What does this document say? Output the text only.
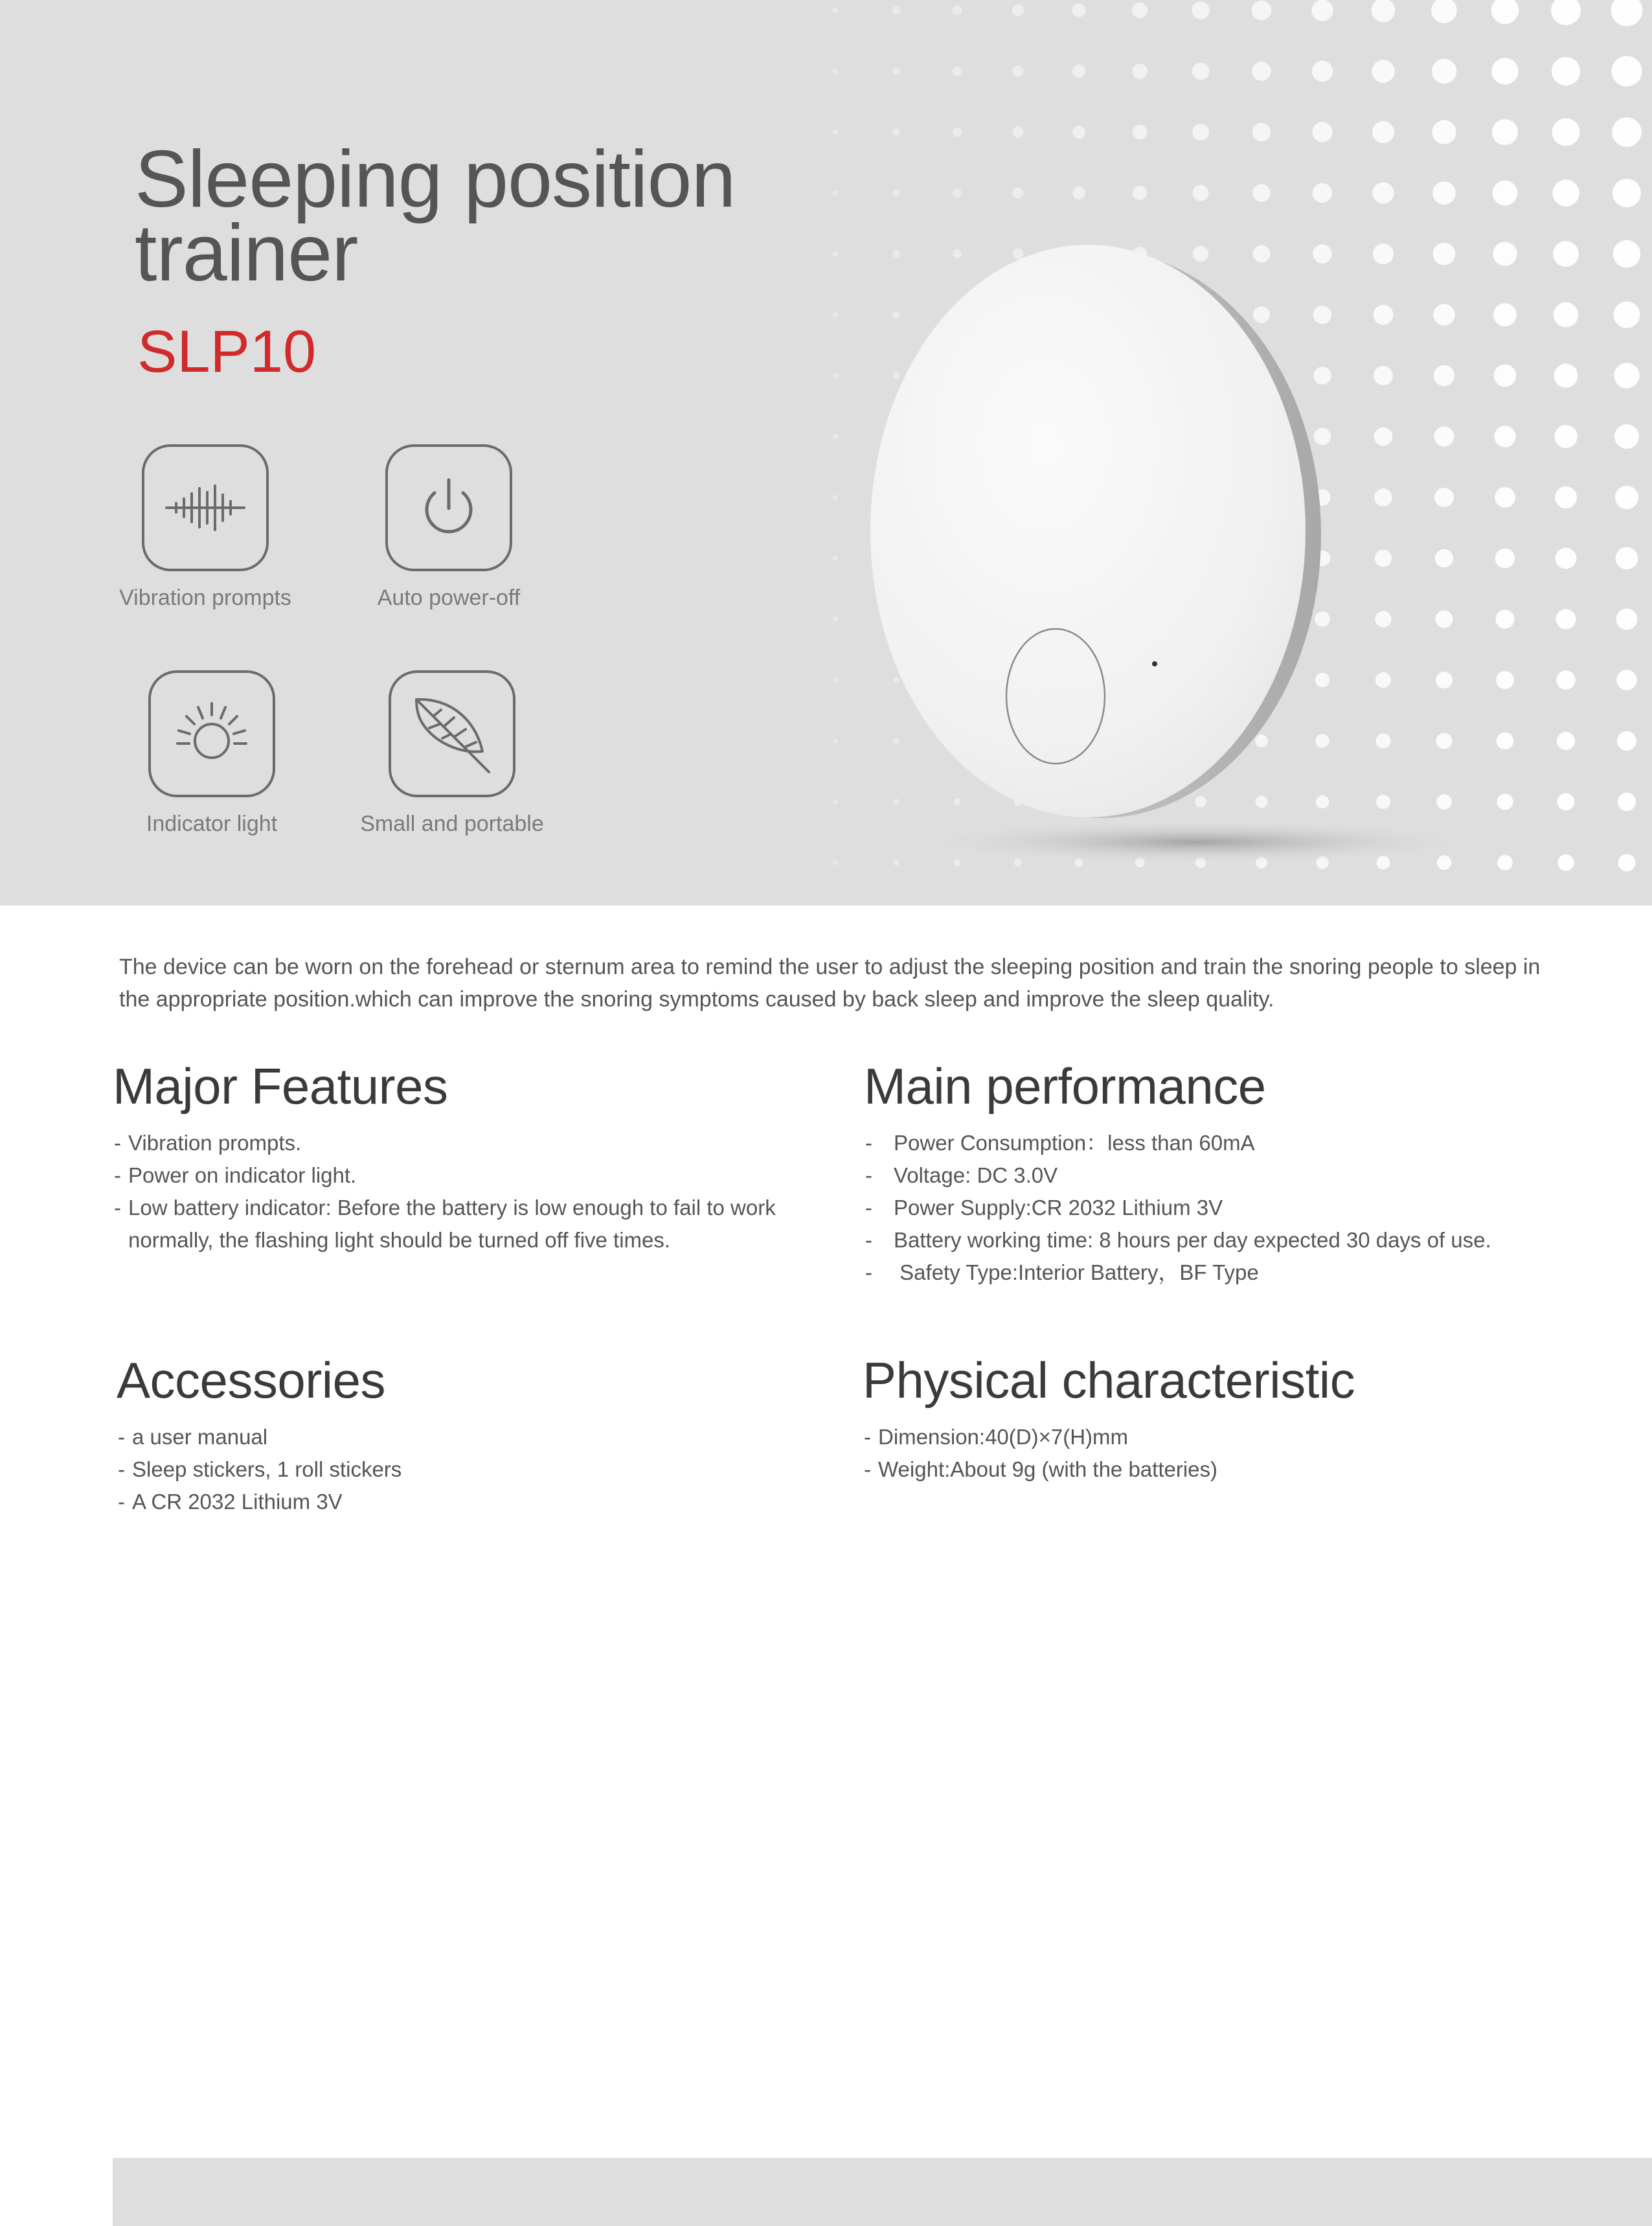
Sleeping position trainer
SLP10
Vibration prompts	Auto power-off
Indicator light	Small and portable

The device can be worn on the forehead or sternum area to remind the user to adjust the sleeping position and train the snoring people to sleep in the appropriate position.which can improve the snoring symptoms caused by back sleep and improve the sleep quality.

Major Features
- Vibration prompts.
- Power on indicator light.
- Low battery indicator: Before the battery is low enough to fail to work normally, the flashing light should be turned off five times.
Main performance
- Power Consumption：less than 60mA
- Voltage: DC 3.0V
- Power Supply:CR 2032 Lithium 3V
- Battery working time: 8 hours per day expected 30 days of use.
-  Safety Type:Interior Battery，BF Type
Accessories
- a user manual
- Sleep stickers, 1 roll stickers
- A CR 2032 Lithium 3V
Physical characteristic
- Dimension:40(D)×7(H)mm
- Weight:About 9g (with the batteries)
